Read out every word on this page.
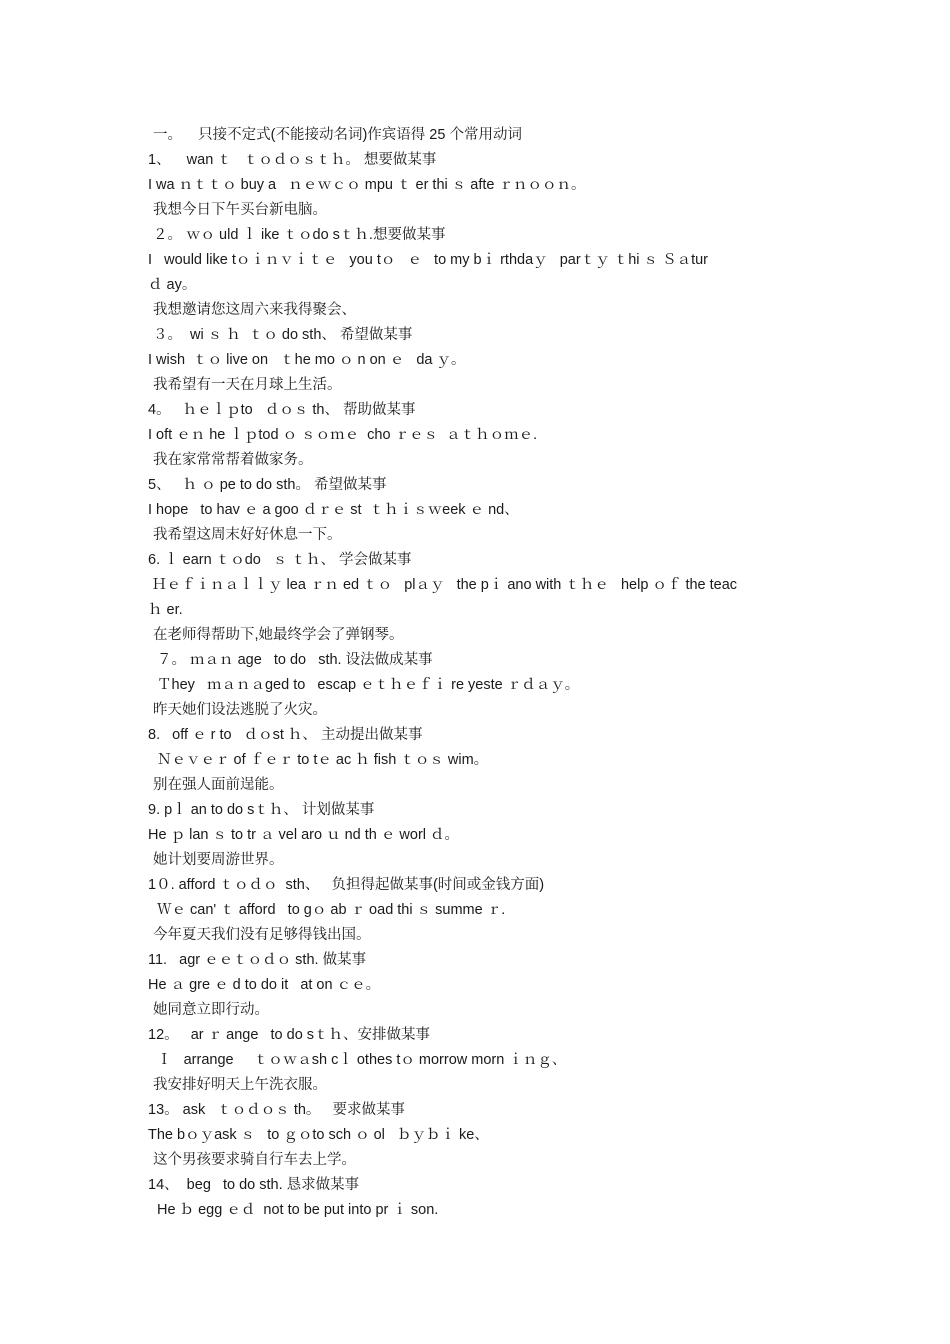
一。    只接不定式(不能接动名词)作宾语得 25 个常用动词
1、    wan ｔ   ｔｏｄｏｓｔｈ。 想要做某事
I wa ｎｔｔｏ buy a   ｎｅｗｃｏ mpu ｔ er thi ｓ afte ｒｎｏｏｎ。
我想今日下午买台新电脑。
２。 ｗｏ uld ｌ ike ｔｏdo sｔｈ.想要做某事
I   would like tｏｉｎｖｉｔｅ   you tｏ   ｅ   to my bｉ rthdaｙ   parｔｙ ｔhi ｓ Ｓａtur
ｄ ay。
我想邀请您这周六来我得聚会、
３。  wi ｓ ｈ  ｔｏ do sth、 希望做某事
I wish  ｔｏ live on   ｔhe mo ｏ n on ｅ   da ｙ。
我希望有一天在月球上生活。
4。   ｈｅｌｐto   ｄｏｓ th、 帮助做某事
I oft ｅｎ he ｌｐtod ｏ ｓｏｍｅ  cho ｒｅｓ  ａｔｈｏｍｅ.
我在家常常帮着做家务。
5、   ｈ ｏ pe to do sth。 希望做某事
I hope   to hav ｅ a goo ｄｒｅ st  ｔｈｉｓｗeek ｅ nd、
我希望这周末好好休息一下。
6. ｌ earn ｔｏdo   ｓ ｔｈ、 学会做某事
Ｈｅｆｉｎａｌｌｙ lea ｒｎ ed ｔｏ   plａｙ   the pｉ ano with ｔｈｅ   help ｏｆ the teac
ｈ er.
在老师得帮助下,她最终学会了弹钢琴。
７。 ｍａｎ age   to do   sth. 设法做成某事
Ｔhey   ｍａｎａged to   escap ｅｔｈｅｆｉ re yeste ｒｄａｙ。
昨天她们设法逃脱了火灾。
8.   off ｅ r to   ｄｏst ｈ、 主动提出做某事
Ｎｅｖｅｒ of ｆｅｒ to tｅ ac ｈ fish ｔｏｓ wim。
别在强人面前逞能。
9. pｌ an to do sｔｈ、 计划做某事
He ｐ lan ｓ to tr ａ vel aro ｕ nd th ｅ worl ｄ。
她计划要周游世界。
1０. afford ｔｏｄｏ  sth、   负担得起做某事(时间或金钱方面)
Ｗｅ can' ｔ afford   to gｏ ab ｒ oad thi ｓ summe ｒ.
今年夏天我们没有足够得钱出国。
11.   agr ｅｅｔｏｄｏ sth. 做某事
He ａ gre ｅ d to do it   at on ｃｅ。
她同意立即行动。
12。   ar ｒ ange   to do sｔｈ、安排做某事
Ｉ   arrange     ｔｏｗａsh cｌ othes tｏ morrow morn ｉｎｇ、
我安排好明天上午洗衣服。
13。 ask   ｔｏｄｏｓ th。   要求做某事
The bｏｙask ｓ   to ｇｏto sch ｏ ol   ｂｙｂｉ ke、
这个男孩要求骑自行车去上学。
14、  beg   to do sth. 恳求做某事
He ｂ egg ｅｄ  not to be put into pr ｉ son.
